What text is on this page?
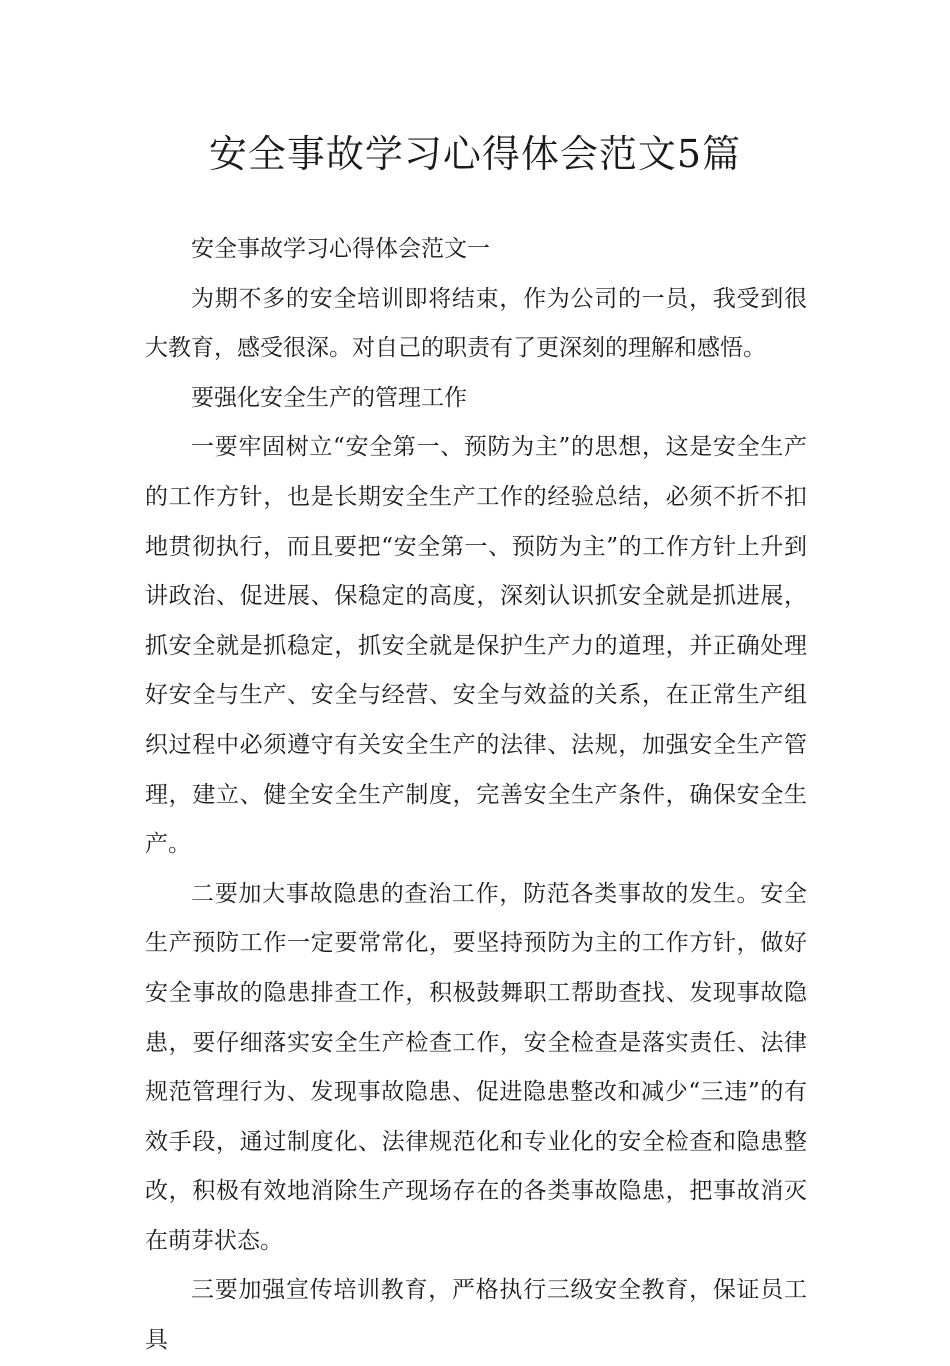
安全事故学习心得体会范文5篇

安全事故学习心得体会范文一

为期不多的安全培训即将结束，作为公司的一员，我受到很大教育，感受很深。对自己的职责有了更深刻的理解和感悟。

要强化安全生产的管理工作

一要牢固树立“安全第一、预防为主”的思想，这是安全生产的工作方针，也是长期安全生产工作的经验总结，必须不折不扣地贯彻执行，而且要把“安全第一、预防为主”的工作方针上升到讲政治、促进展、保稳定的高度，深刻认识抓安全就是抓进展，抓安全就是抓稳定，抓安全就是保护生产力的道理，并正确处理好安全与生产、安全与经营、安全与效益的关系，在正常生产组织过程中必须遵守有关安全生产的法律、法规，加强安全生产管理，建立、健全安全生产制度，完善安全生产条件，确保安全生产。

二要加大事故隐患的查治工作，防范各类事故的发生。安全生产预防工作一定要常常化，要坚持预防为主的工作方针，做好安全事故的隐患排查工作，积极鼓舞职工帮助查找、发现事故隐患，要仔细落实安全生产检查工作，安全检查是落实责任、法律规范管理行为、发现事故隐患、促进隐患整改和减少“三违”的有效手段，通过制度化、法律规范化和专业化的安全检查和隐患整改，积极有效地消除生产现场存在的各类事故隐患，把事故消灭在萌芽状态。

三要加强宣传培训教育，严格执行三级安全教育，保证员工具
